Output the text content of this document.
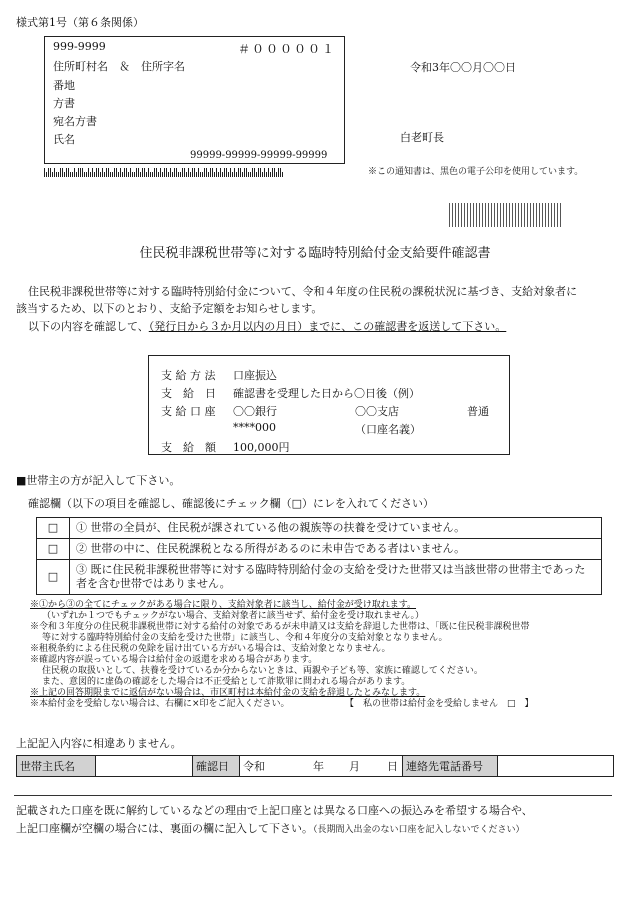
様式第1号（第６条関係）
999-9999	＃０００００１
住所町村名　＆　住所字名
番地
方書
宛名方書
氏名
99999-99999-99999-99999
令和3年〇〇月〇〇日
白老町長
※この通知書は、黒色の電子公印を使用しています。
住民税非課税世帯等に対する臨時特別給付金支給要件確認書
住民税非課税世帯等に対する臨時特別給付金について、令和４年度の住民税の課税状況に基づき、支給対象者に
該当するため、以下のとおり、支給予定額をお知らせします。
以下の内容を確認して、（発行日から３か月以内の月日）までに、この確認書を返送して下さい。
支 給 方 法 口座振込
支　給　日 確認書を受理した日から〇日後（例）
支 給 口 座 〇〇銀行	〇〇支店	普通
****000	（口座名義）
支　給　額 100,000円
■世帯主の方が記入して下さい。
確認欄（以下の項目を確認し、確認後にチェック欄（□）にレを入れてください）
□	① 世帯の全員が、住民税が課されている他の親族等の扶養を受けていません。
□	② 世帯の中に、住民税課税となる所得があるのに未申告である者はいません。
□	③ 既に住民税非課税世帯等に対する臨時特別給付金の支給を受けた世帯又は当該世帯の世帯主であった者を含む世帯ではありません。
※①から③の全てにチェックがある場合に限り、支給対象者に該当し、給付金が受け取れます。
（いずれか１つでもチェックがない場合、支給対象者に該当せず、給付金を受け取れません。）
※令和３年度分の住民税非課税世帯に対する給付の対象であるが未申請又は支給を辞退した世帯は、「既に住民税非課税世帯
等に対する臨時特別給付金の支給を受けた世帯」に該当し、令和４年度分の支給対象となりません。
※租税条約による住民税の免除を届け出ている方がいる場合は、支給対象となりません。
※確認内容が誤っている場合は給付金の返還を求める場合があります。
住民税の取扱いとして、扶養を受けているか分からないときは、両親や子ども等、家族に確認してください。
また、意図的に虚偽の確認をした場合は不正受給として詐欺罪に問われる場合があります。
※上記の回答期限までに返信がない場合は、市区町村は本給付金の支給を辞退したとみなします。
※本給付金を受給しない場合は、右欄に×印をご記入ください。	【　私の世帯は給付金を受給しません　□　】
上記記入内容に相違ありません。
世帯主氏名		確認日	令和	年 月 日	連絡先電話番号	
記載された口座を既に解約しているなどの理由で上記口座とは異なる口座への振込みを希望する場合や、
上記口座欄が空欄の場合には、裏面の欄に記入して下さい。（長期間入出金のない口座を記入しないでください）
